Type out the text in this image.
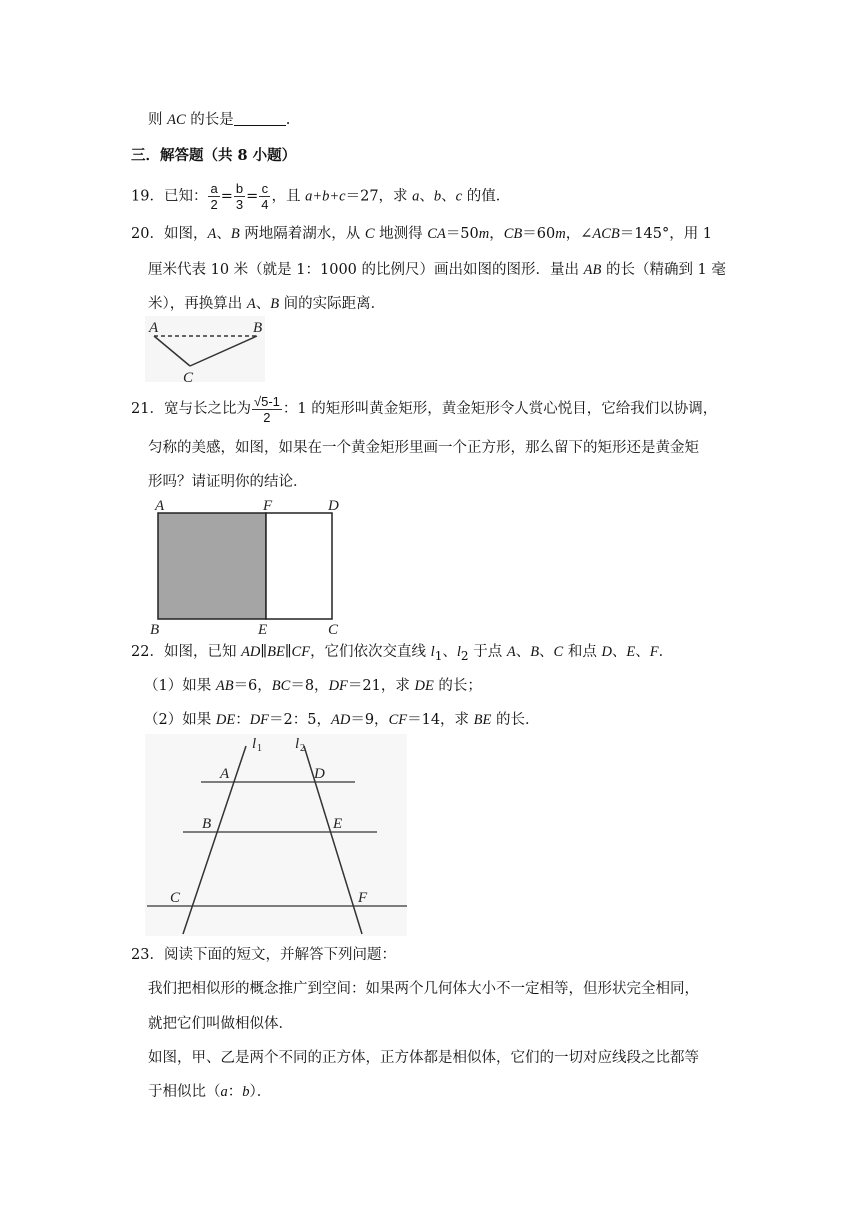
则 AC 的长是	.
三．解答题（共 8 小题）
19．已知： $\frac{a}{2} = \frac{b}{3} = \frac{c}{4}$ ，且 a+b+c＝27，求 a、b、c 的值．
20．如图，A、B 两地隔着湖水，从 C 地测得 CA＝50m，CB＝60m，∠ACB＝145°，用 1
厘米代表 10 米（就是 1：1000 的比例尺）画出如图的图形．量出 AB 的长（精确到 1 毫
米），再换算出 A、B 间的实际距离．
A	B
C
21．宽与长之比为 $\frac{√5-1}{2}$ ：1 的矩形叫黄金矩形，黄金矩形令人赏心悦目，它给我们以协调，
匀称的美感，如图，如果在一个黄金矩形里画一个正方形，那么留下的矩形还是黄金矩
形吗？请证明你的结论．
A	F	D
B	E	C
22．如图，已知 AD∥BE∥CF，它们依次交直线 $l_1$、$l_2$ 于点 A、B、C 和点 D、E、F．
（1）如果 AB＝6，BC＝8，DF＝21，求 DE 的长；
（2）如果 DE：DF＝2：5，AD＝9，CF＝14，求 BE 的长．
l 1 l 2
A
B
C
D
E
F
23．阅读下面的短文，并解答下列问题：
我们把相似形的概念推广到空间：如果两个几何体大小不一定相等，但形状完全相同，
就把它们叫做相似体．
如图，甲、乙是两个不同的正方体，正方体都是相似体，它们的一切对应线段之比都等
于相似比（a：b）．
